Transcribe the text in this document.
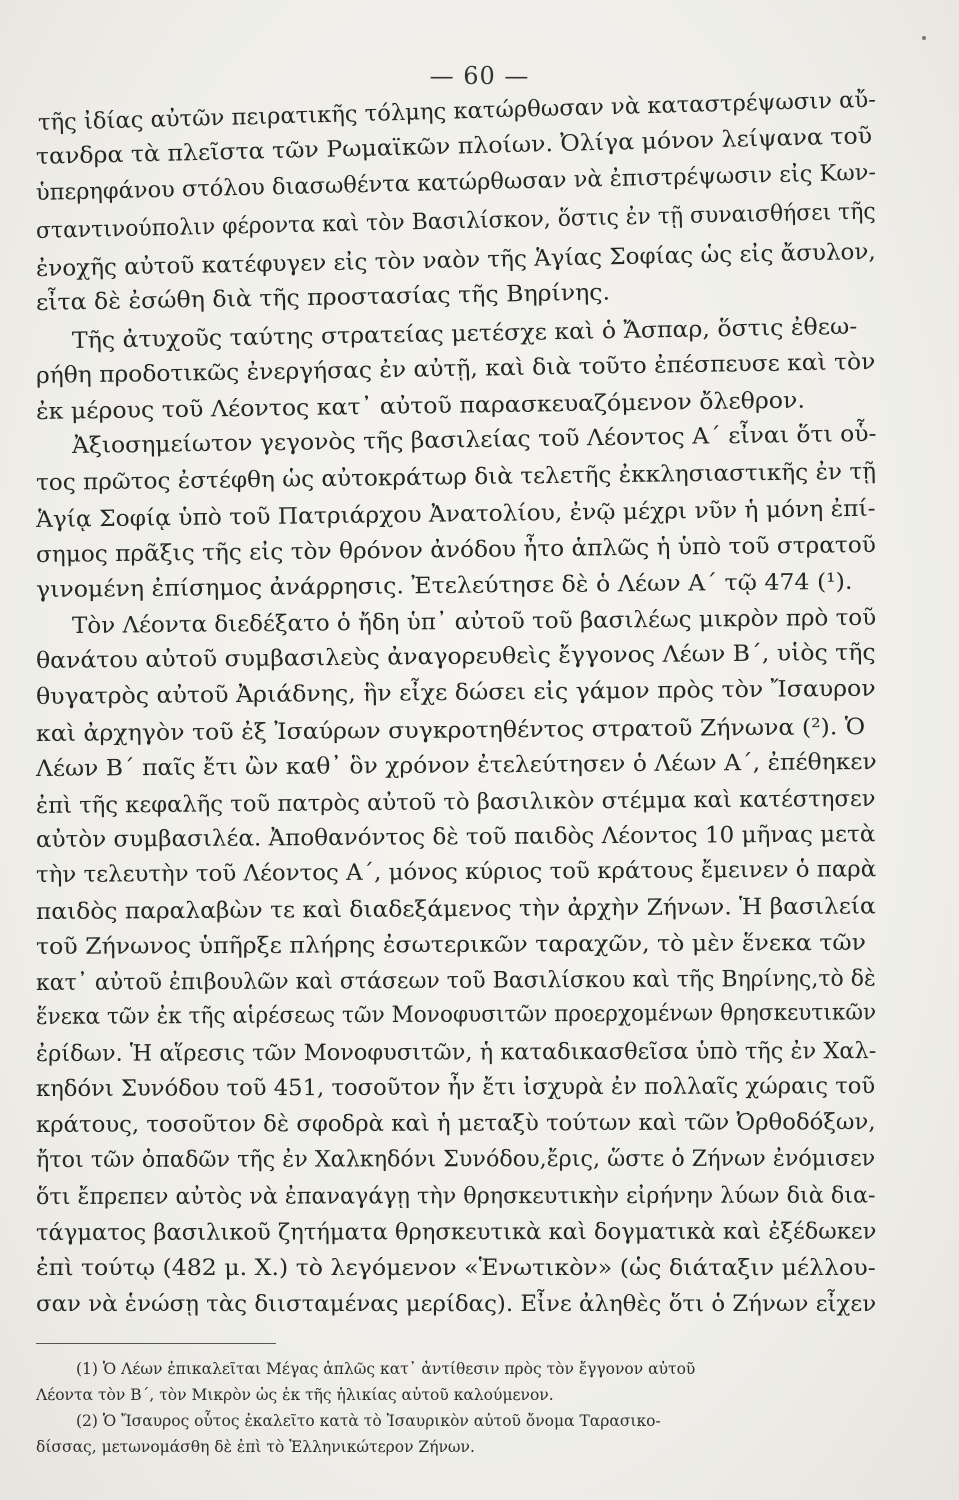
— 60 —
τῆς ἰδίας αὐτῶν πειρατικῆς τόλμης κατώρθωσαν νὰ καταστρέψωσιν αὔ-
τανδρα τὰ πλεῖστα τῶν Ρωμαϊκῶν πλοίων. Ὀλίγα μόνον λείψανα τοῦ
ὑπερηφάνου στόλου διασωθέντα κατώρθωσαν νὰ ἐπιστρέψωσιν εἰς Κων-
σταντινούπολιν φέροντα καὶ τὸν Βασιλίσκον, ὅστις ἐν τῇ συναισθήσει τῆς
ἐνοχῆς αὐτοῦ κατέφυγεν εἰς τὸν ναὸν τῆς Ἁγίας Σοφίας ὡς εἰς ἄσυλον,
εἶτα δὲ ἐσώθη διὰ τῆς προστασίας τῆς Βηρίνης.
Τῆς ἀτυχοῦς ταύτης στρατείας μετέσχε καὶ ὁ Ἄσπαρ, ὅστις ἐθεω-
ρήθη προδοτικῶς ἐνεργήσας ἐν αὐτῇ, καὶ διὰ τοῦτο ἐπέσπευσε καὶ τὸν
ἐκ μέρους τοῦ Λέοντος κατ᾽ αὐτοῦ παρασκευαζόμενον ὄλεθρον.
Ἀξιοσημείωτον γεγονὸς τῆς βασιλείας τοῦ Λέοντος Α΄ εἶναι ὅτι οὗ-
τος πρῶτος ἐστέφθη ὡς αὐτοκράτωρ διὰ τελετῆς ἐκκλησιαστικῆς ἐν τῇ
Ἁγίᾳ Σοφίᾳ ὑπὸ τοῦ Πατριάρχου Ἀνατολίου, ἐνῷ μέχρι νῦν ἡ μόνη ἐπί-
σημος πρᾶξις τῆς εἰς τὸν θρόνον ἀνόδου ἦτο ἁπλῶς ἡ ὑπὸ τοῦ στρατοῦ
γινομένη ἐπίσημος ἀνάρρησις. Ἐτελεύτησε δὲ ὁ Λέων Α΄ τῷ 474 (¹).
Τὸν Λέοντα διεδέξατο ὁ ἤδη ὑπ᾽ αὐτοῦ τοῦ βασιλέως μικρὸν πρὸ τοῦ
θανάτου αὐτοῦ συμβασιλεὺς ἀναγορευθεὶς ἔγγονος Λέων Β΄, υἱὸς τῆς
θυγατρὸς αὐτοῦ Ἀριάδνης, ἣν εἶχε δώσει εἰς γάμον πρὸς τὸν Ἴσαυρον
καὶ ἀρχηγὸν τοῦ ἐξ Ἰσαύρων συγκροτηθέντος στρατοῦ Ζήνωνα (²). Ὁ
Λέων Β΄ παῖς ἔτι ὢν καθ᾽ ὃν χρόνον ἐτελεύτησεν ὁ Λέων Α΄, ἐπέθηκεν
ἐπὶ τῆς κεφαλῆς τοῦ πατρὸς αὐτοῦ τὸ βασιλικὸν στέμμα καὶ κατέστησεν
αὐτὸν συμβασιλέα. Ἀποθανόντος δὲ τοῦ παιδὸς Λέοντος 10 μῆνας μετὰ
τὴν τελευτὴν τοῦ Λέοντος Α΄, μόνος κύριος τοῦ κράτους ἔμεινεν ὁ παρὰ
παιδὸς παραλαβὼν τε καὶ διαδεξάμενος τὴν ἀρχὴν Ζήνων. Ἡ βασιλεία
τοῦ Ζήνωνος ὑπῆρξε πλήρης ἐσωτερικῶν ταραχῶν, τὸ μὲν ἕνεκα τῶν
κατ᾽ αὐτοῦ ἐπιβουλῶν καὶ στάσεων τοῦ Βασιλίσκου καὶ τῆς Βηρίνης,τὸ δὲ
ἕνεκα τῶν ἐκ τῆς αἱρέσεως τῶν Μονοφυσιτῶν προερχομένων θρησκευτικῶν
ἐρίδων. Ἡ αἵρεσις τῶν Μονοφυσιτῶν, ἡ καταδικασθεῖσα ὑπὸ τῆς ἐν Χαλ-
κηδόνι Συνόδου τοῦ 451, τοσοῦτον ἦν ἔτι ἰσχυρὰ ἐν πολλαῖς χώραις τοῦ
κράτους, τοσοῦτον δὲ σφοδρὰ καὶ ἡ μεταξὺ τούτων καὶ τῶν Ὀρθοδόξων,
ἤτοι τῶν ὀπαδῶν τῆς ἐν Χαλκηδόνι Συνόδου,ἔρις, ὥστε ὁ Ζήνων ἐνόμισεν
ὅτι ἔπρεπεν αὐτὸς νὰ ἐπαναγάγῃ τὴν θρησκευτικὴν εἰρήνην λύων διὰ δια-
τάγματος βασιλικοῦ ζητήματα θρησκευτικὰ καὶ δογματικὰ καὶ ἐξέδωκεν
ἐπὶ τούτῳ (482 μ. Χ.) τὸ λεγόμενον «Ἑνωτικὸν» (ὡς διάταξιν μέλλου-
σαν νὰ ἑνώσῃ τὰς διισταμένας μερίδας). Εἶνε ἀληθὲς ὅτι ὁ Ζήνων εἶχεν
(1) Ὁ Λέων ἐπικαλεῖται Μέγας ἁπλῶς κατ᾽ ἀντίθεσιν πρὸς τὸν ἔγγονον αὐτοῦ
Λέοντα τὸν Β΄, τὸν Μικρὸν ὡς ἐκ τῆς ἡλικίας αὐτοῦ καλούμενον.
(2) Ὁ Ἴσαυρος οὗτος ἐκαλεῖτο κατὰ τὸ Ἰσαυρικὸν αὐτοῦ ὄνομα Ταρασικο-
δίσσας, μετωνομάσθη δὲ ἐπὶ τὸ Ἑλληνικώτερον Ζήνων.
